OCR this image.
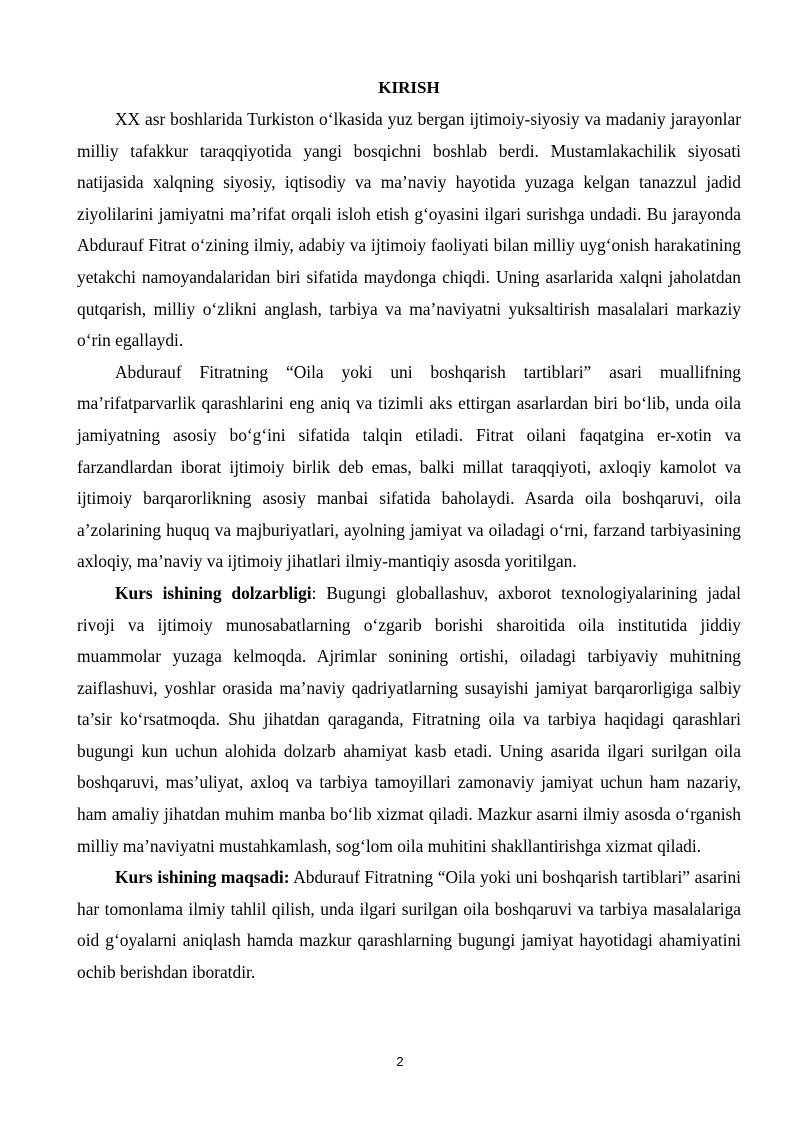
KIRISH

XX asr boshlarida Turkiston o‘lkasida yuz bergan ijtimoiy-siyosiy va madaniy jarayonlar milliy tafakkur taraqqiyotida yangi bosqichni boshlab berdi. Mustamlakachilik siyosati natijasida xalqning siyosiy, iqtisodiy va ma’naviy hayotida yuzaga kelgan tanazzul jadid ziyolilarini jamiyatni ma’rifat orqali isloh etish g‘oyasini ilgari surishga undadi. Bu jarayonda Abdurauf Fitrat o‘zining ilmiy, adabiy va ijtimoiy faoliyati bilan milliy uyg‘onish harakatining yetakchi namoyandalaridan biri sifatida maydonga chiqdi. Uning asarlarida xalqni jaholatdan qutqarish, milliy o‘zlikni anglash, tarbiya va ma’naviyatni yuksaltirish masalalari markaziy o‘rin egallaydi.

Abdurauf Fitratning “Oila yoki uni boshqarish tartiblari” asari muallifning ma’rifatparvarlik qarashlarini eng aniq va tizimli aks ettirgan asarlardan biri bo‘lib, unda oila jamiyatning asosiy bo‘g‘ini sifatida talqin etiladi. Fitrat oilani faqatgina er-xotin va farzandlardan iborat ijtimoiy birlik deb emas, balki millat taraqqiyoti, axloqiy kamolot va ijtimoiy barqarorlikning asosiy manbai sifatida baholaydi. Asarda oila boshqaruvi, oila a’zolarining huquq va majburiyatlari, ayolning jamiyat va oiladagi o‘rni, farzand tarbiyasining axloqiy, ma’naviy va ijtimoiy jihatlari ilmiy-mantiqiy asosda yoritilgan.

Kurs ishining dolzarbligi: Bugungi globallashuv, axborot texnologiyalarining jadal rivoji va ijtimoiy munosabatlarning o‘zgarib borishi sharoitida oila institutida jiddiy muammolar yuzaga kelmoqda. Ajrimlar sonining ortishi, oiladagi tarbiyaviy muhitning zaiflashuvi, yoshlar orasida ma’naviy qadriyatlarning susayishi jamiyat barqarorligiga salbiy ta’sir ko‘rsatmoqda. Shu jihatdan qaraganda, Fitratning oila va tarbiya haqidagi qarashlari bugungi kun uchun alohida dolzarb ahamiyat kasb etadi. Uning asarida ilgari surilgan oila boshqaruvi, mas’uliyat, axloq va tarbiya tamoyillari zamonaviy jamiyat uchun ham nazariy, ham amaliy jihatdan muhim manba bo‘lib xizmat qiladi. Mazkur asarni ilmiy asosda o‘rganish milliy ma’naviyatni mustahkamlash, sog‘lom oila muhitini shakllantirishga xizmat qiladi.

Kurs ishining maqsadi: Abdurauf Fitratning “Oila yoki uni boshqarish tartiblari” asarini har tomonlama ilmiy tahlil qilish, unda ilgari surilgan oila boshqaruvi va tarbiya masalalariga oid g‘oyalarni aniqlash hamda mazkur qarashlarning bugungi jamiyat hayotidagi ahamiyatini ochib berishdan iboratdir.

2
